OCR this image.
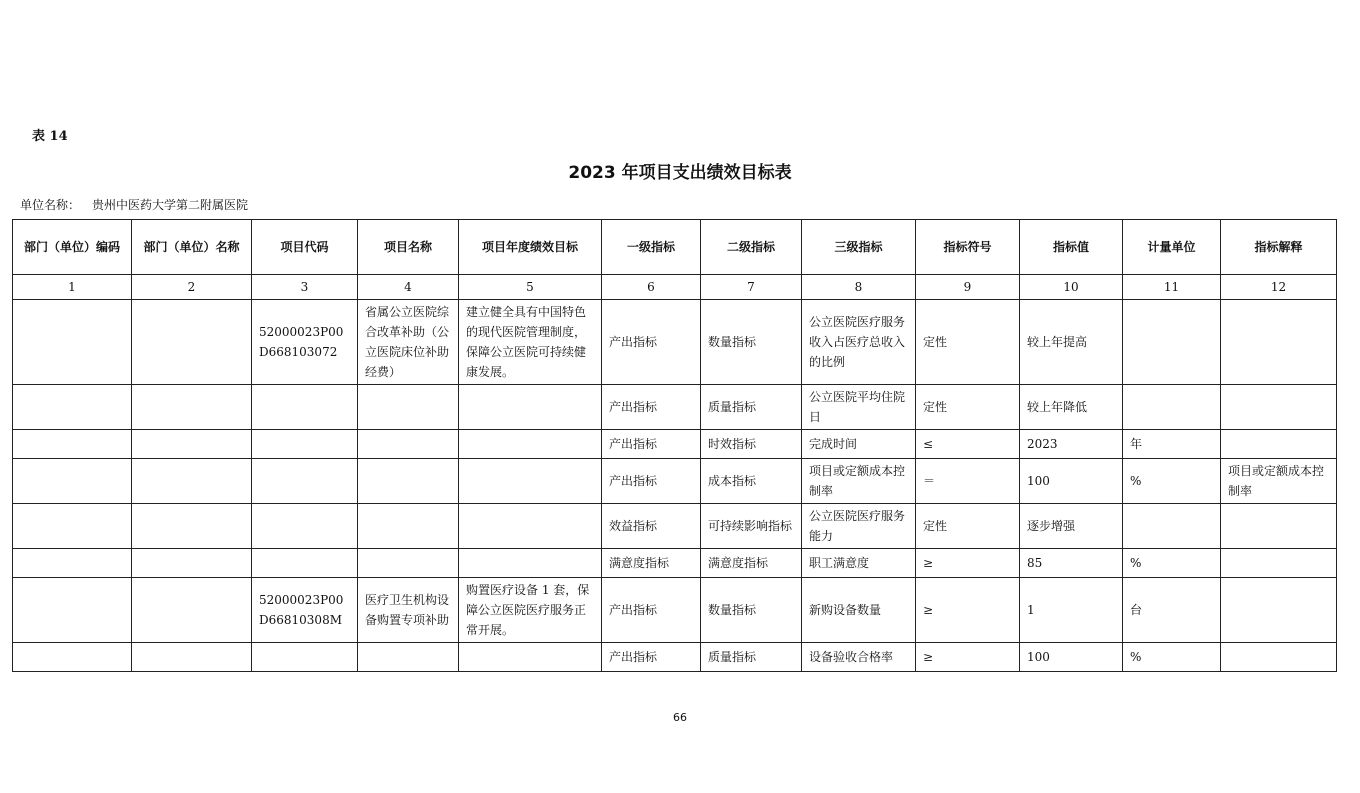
表 14
2023 年项目支出绩效目标表
单位名称： 贵州中医药大学第二附属医院
部门（单位）编码	部门（单位）名称	项目代码	项目名称	项目年度绩效目标	一级指标	二级指标	三级指标	指标符号	指标值	计量单位	指标解释
1	2	3	4	5	6	7	8	9	10	11	12
		52000023P00D668103072	省属公立医院综合改革补助（公立医院床位补助经费）	建立健全具有中国特色的现代医院管理制度，保障公立医院可持续健康发展。	产出指标	数量指标	公立医院医疗服务收入占医疗总收入的比例	定性	较上年提高		
					产出指标	质量指标	公立医院平均住院日	定性	较上年降低		
					产出指标	时效指标	完成时间	≤	2023	年	
					产出指标	成本指标	项目或定额成本控制率	＝	100	%	项目或定额成本控制率
					效益指标	可持续影响指标	公立医院医疗服务能力	定性	逐步增强		
					满意度指标	满意度指标	职工满意度	≥	85	%	
		52000023P00D66810308M	医疗卫生机构设备购置专项补助	购置医疗设备 1 套，保障公立医院医疗服务正常开展。	产出指标	数量指标	新购设备数量	≥	1	台	
					产出指标	质量指标	设备验收合格率	≥	100	%	
66
